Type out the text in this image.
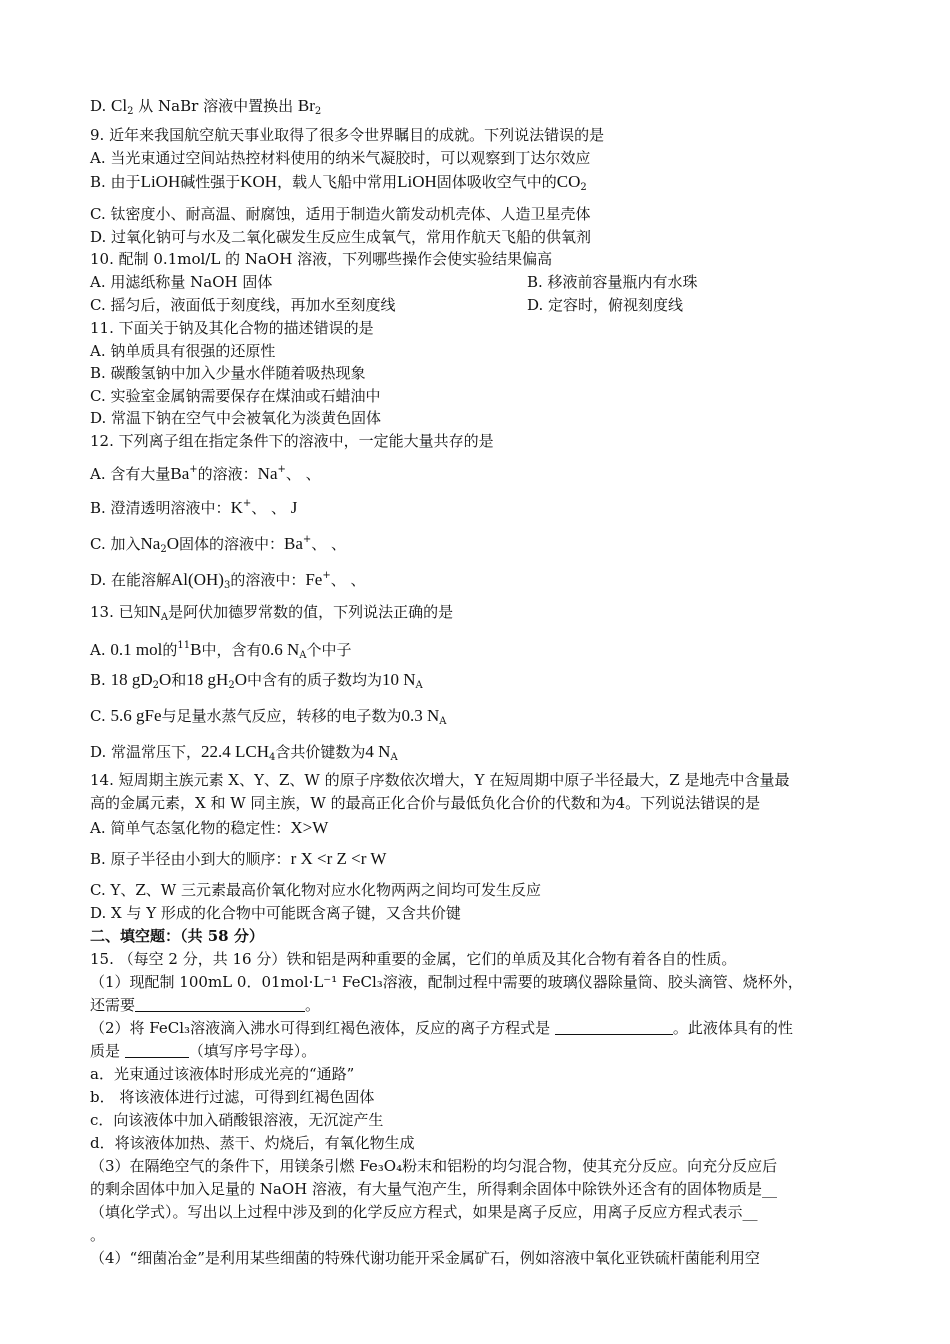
D. $Cl_2$ 从 NaBr 溶液中置换出 $Br_2$
9. 近年来我国航空航天事业取得了很多令世界瞩目的成就。下列说法错误的是
A. 当光束通过空间站热控材料使用的纳米气凝胶时，可以观察到丁达尔效应
B. 由于LiOH碱性强于KOH，载人飞船中常用LiOH固体吸收空气中的$CO_2$
C. 钛密度小、耐高温、耐腐蚀，适用于制造火箭发动机壳体、人造卫星壳体
D. 过氧化钠可与水及二氧化碳发生反应生成氧气，常用作航天飞船的供氧剂
10. 配制 0.1mol/L 的 NaOH 溶液，下列哪些操作会使实验结果偏高
A. 用滤纸称量 NaOH 固体	B. 移液前容量瓶内有水珠
C. 摇匀后，液面低于刻度线，再加水至刻度线	D. 定容时，俯视刻度线
11. 下面关于钠及其化合物的描述错误的是
A. 钠单质具有很强的还原性
B. 碳酸氢钠中加入少量水伴随着吸热现象
C. 实验室金属钠需要保存在煤油或石蜡油中
D. 常温下钠在空气中会被氧化为淡黄色固体
12. 下列离子组在指定条件下的溶液中，一定能大量共存的是
A. 含有大量Ba+的溶液：Na+、 、
B. 澄清透明溶液中：K+、 、 J
C. 加入$Na_2O$固体的溶液中：Ba+、 、
D. 在能溶解$Al(OH)_3$的溶液中：Fe+、 、
13. 已知$N_A$是阿伏加德罗常数的值，下列说法正确的是
A. 0.1 mol的$^{11}$B中，含有0.6 $N_A$个中子
B. 18 $gD_2O$和18 $gH_2O$中含有的质子数均为10 $N_A$
C. 5.6 gFe与足量水蒸气反应，转移的电子数为0.3 $N_A$
D. 常温常压下，22.4 $LCH_4$含共价键数为4 $N_A$
14. 短周期主族元素 X、Y、Z、W 的原子序数依次增大，Y 在短周期中原子半径最大，Z 是地壳中含量最
高的金属元素，X 和 W 同主族，W 的最高正化合价与最低负化合价的代数和为4。下列说法错误的是
A. 简单气态氢化物的稳定性：X>W
B. 原子半径由小到大的顺序：r X <r Z <r W
C. Y、Z、W 三元素最高价氧化物对应水化物两两之间均可发生反应
D. X 与 Y 形成的化合物中可能既含离子键，又含共价键
二、填空题：（共 58 分）
15. （每空 2 分，共 16 分）铁和铝是两种重要的金属，它们的单质及其化合物有着各自的性质。
（1）现配制 100mL 0．01mol·L⁻¹ FeCl₃溶液，配制过程中需要的玻璃仪器除量筒、胶头滴管、烧杯外，
还需要	。
（2）将 FeCl₃溶液滴入沸水可得到红褐色液体，反应的离子方程式是	。此液体具有的性
质是	（填写序号字母）。
a．光束通过该液体时形成光亮的“通路”
b． 将该液体进行过滤，可得到红褐色固体
c．向该液体中加入硝酸银溶液，无沉淀产生
d．将该液体加热、蒸干、灼烧后，有氧化物生成
（3）在隔绝空气的条件下，用镁条引燃 Fe₃O₄粉末和铝粉的均匀混合物，使其充分反应。向充分反应后
的剩余固体中加入足量的 NaOH 溶液，有大量气泡产生，所得剩余固体中除铁外还含有的固体物质是__
（填化学式）。写出以上过程中涉及到的化学反应方程式，如果是离子反应，用离子反应方程式表示__
。
（4）“细菌冶金”是利用某些细菌的特殊代谢功能开采金属矿石，例如溶液中氧化亚铁硫杆菌能利用空
